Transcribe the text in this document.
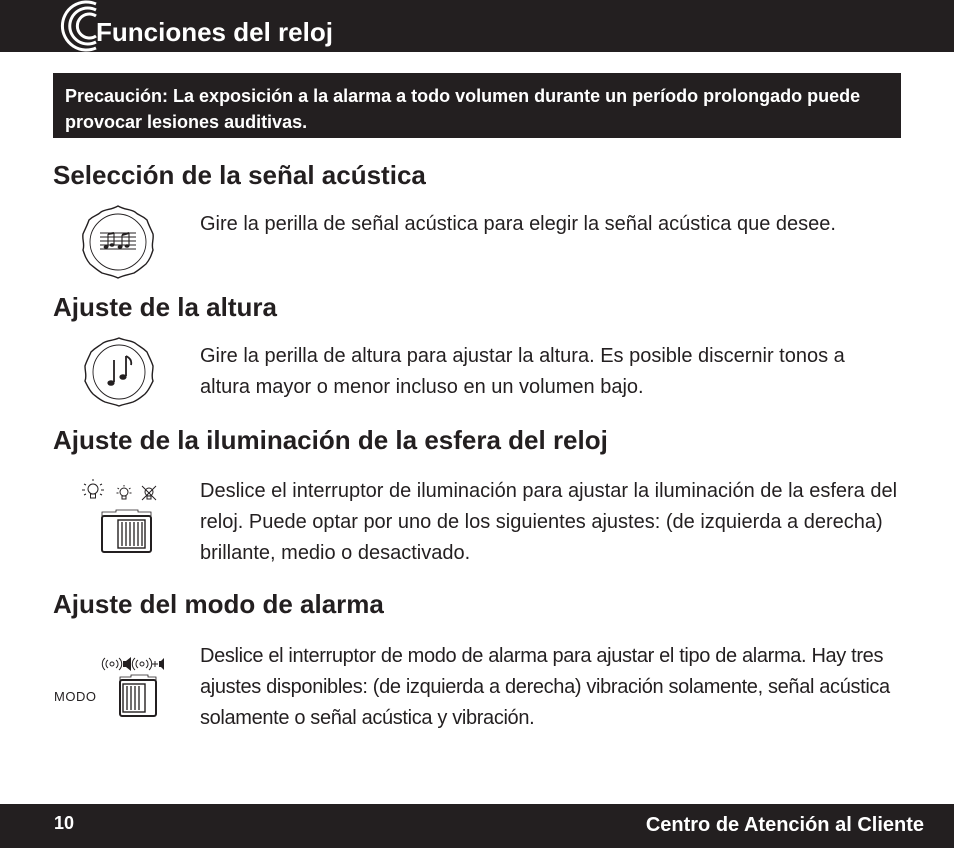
Funciones del reloj
Precaución: La exposición a la alarma a todo volumen durante un período prolongado puede provocar lesiones auditivas.
Selección de la señal acústica
Gire la perilla de señal acústica para elegir la señal acústica que desee.
Ajuste de la altura
Gire la perilla de altura para ajustar la altura. Es posible discernir tonos a altura mayor o menor incluso en un volumen bajo.
Ajuste de la iluminación de la esfera del reloj
Deslice el interruptor de iluminación para ajustar la iluminación de la esfera del reloj. Puede optar por uno de los siguientes ajustes: (de izquierda a derecha) brillante, medio o desactivado.
Ajuste del modo de alarma
MODO
Deslice el interruptor de modo de alarma para ajustar el tipo de alarma. Hay tres ajustes disponibles: (de izquierda a derecha) vibración solamente, señal acústica solamente o señal acústica y vibración.
10	Centro de Atención al Cliente
